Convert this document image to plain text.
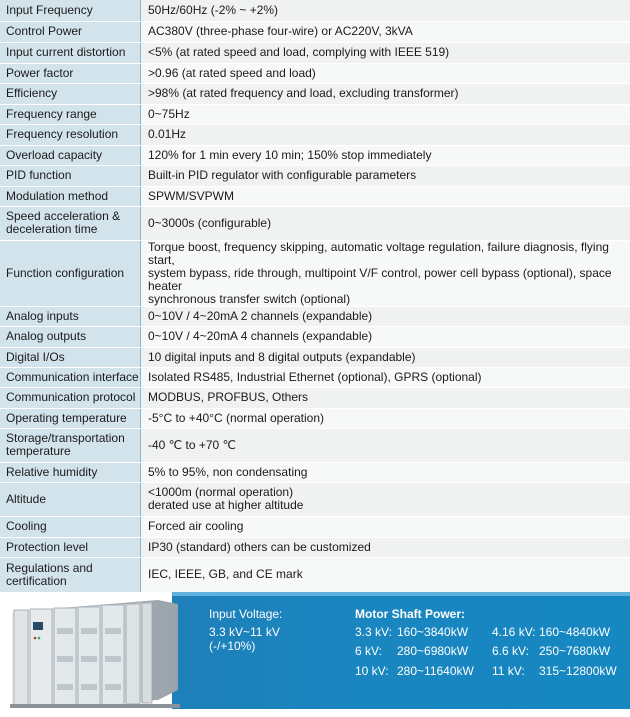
Input Frequency	50Hz/60Hz (-2% ~ +2%)

Control Power	AC380V (three-phase four-wire) or AC220V, 3kVA

Input current distortion	<5% (at rated speed and load, complying with IEEE 519)

Power factor	>0.96 (at rated speed and load)

Efficiency	>98% (at rated frequency and load, excluding transformer)

Frequency range	0~75Hz

Frequency resolution	0.01Hz

Overload capacity	120% for 1 min every 10 min; 150% stop immediately

PID function	Built-in PID regulator with configurable parameters

Modulation method	SPWM/SVPWM

Speed acceleration &
deceleration time	0~3000s (configurable)

Function configuration	Torque boost, frequency skipping, automatic voltage regulation, failure diagnosis, flying start,
system bypass, ride through, multipoint V/F control, power cell bypass (optional), space heater
synchronous transfer switch (optional)

Analog inputs	0~10V / 4~20mA 2 channels (expandable)

Analog outputs	0~10V / 4~20mA 4 channels (expandable)

Digital I/Os	10 digital inputs and 8 digital outputs (expandable)

Communication interface	Isolated RS485, Industrial Ethernet (optional), GPRS (optional)

Communication protocol	MODBUS, PROFBUS, Others

Operating temperature	-5°C to +40°C (normal operation)

Storage/transportation
temperature	-40 ℃ to +70 ℃

Relative humidity	5% to 95%, non condensating

Altitude	<1000m (normal operation)
derated use at higher altitude

Cooling	Forced air cooling

Protection level	IP30 (standard) others can be customized

Regulations and
certification	IEC, IEEE, GB, and CE mark
Input Voltage:
3.3 kV~11 kV
(-/+10%)
Motor Shaft Power:
3.3 kV: 160~3840kW 4.16 kV: 160~4840kW
6 kV: 280~6980kW 6.6 kV: 250~7680kW
10 kV: 280~11640kW 11 kV: 315~12800kW
